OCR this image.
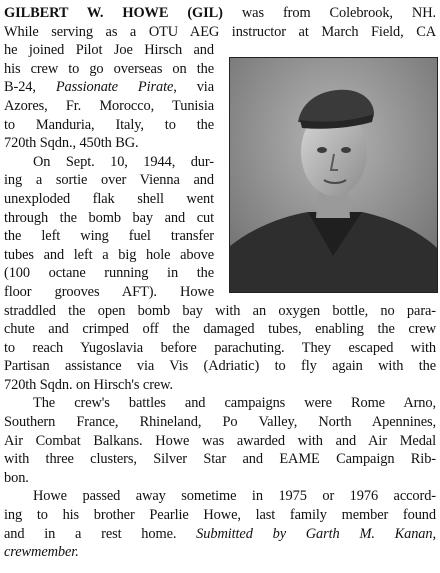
GILBERT W. HOWE (GIL) was from Colebrook, NH.
While serving as a OTU AEG instructor at March Field, CA
he joined Pilot Joe Hirsch and
his crew to go overseas on the
B-24, Passionate Pirate, via
Azores, Fr. Morocco, Tunisia
to Manduria, Italy, to the
720th Sqdn., 450th BG.
On Sept. 10, 1944, dur-
ing a sortie over Vienna and
unexploded flak shell went
through the bomb bay and cut
the left wing fuel transfer
tubes and left a big hole above
(100 octane running in the
floor grooves AFT). Howe
straddled the open bomb bay with an oxygen bottle, no para-
chute and crimped off the damaged tubes, enabling the crew
to reach Yugoslavia before parachuting. They escaped with
Partisan assistance via Vis (Adriatic) to fly again with the
720th Sqdn. on Hirsch's crew.
The crew's battles and campaigns were Rome Arno,
Southern France, Rhineland, Po Valley, North Apennines,
Air Combat Balkans. Howe was awarded with and Air Medal
with three clusters, Silver Star and EAME Campaign Rib-
bon.
Howe passed away sometime in 1975 or 1976 accord-
ing to his brother Pearlie Howe, last family member found
and in a rest home. Submitted by Garth M. Kanan,
crewmember.
